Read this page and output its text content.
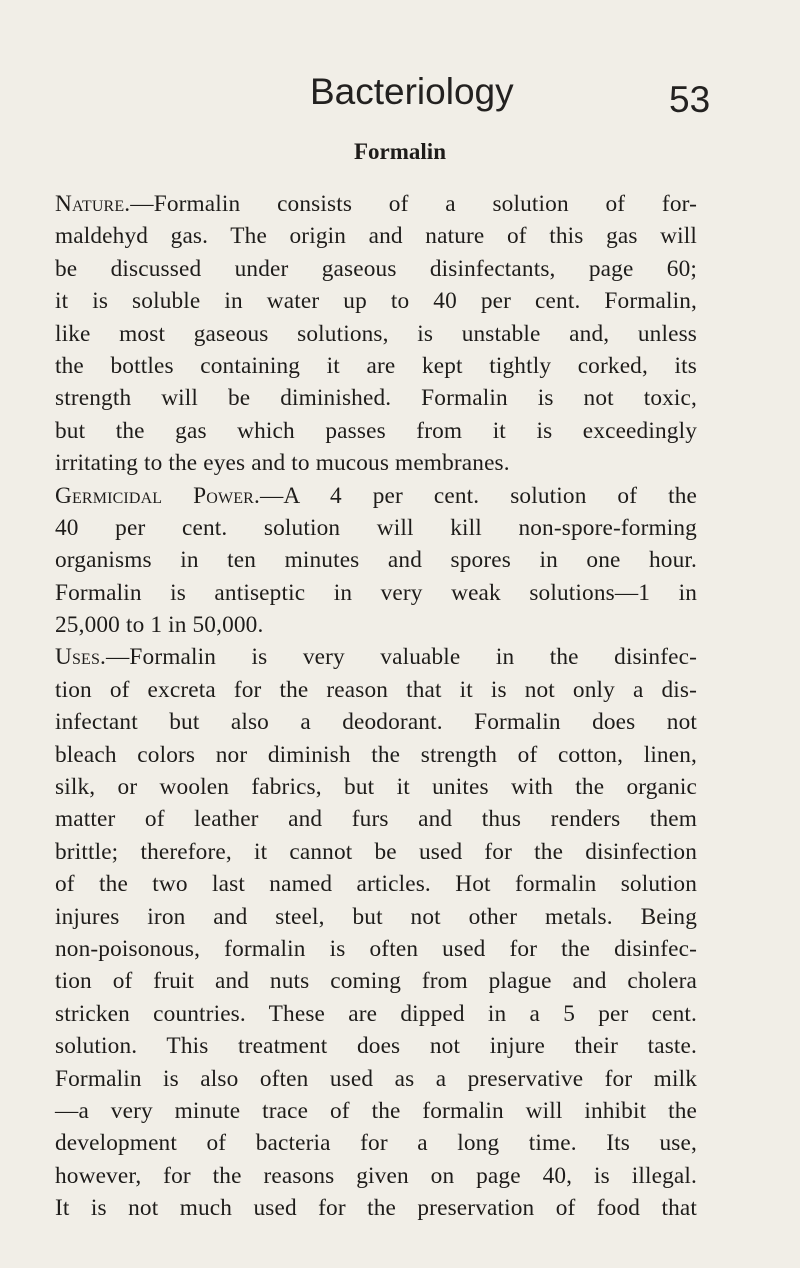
Bacteriology	53
Formalin
Nature.—Formalin consists of a solution of for-
maldehyd gas. The origin and nature of this gas will
be discussed under gaseous disinfectants, page 60;
it is soluble in water up to 40 per cent. Formalin,
like most gaseous solutions, is unstable and, unless
the bottles containing it are kept tightly corked, its
strength will be diminished. Formalin is not toxic,
but the gas which passes from it is exceedingly
irritating to the eyes and to mucous membranes.
Germicidal Power.—A 4 per cent. solution of the
40 per cent. solution will kill non-spore-forming
organisms in ten minutes and spores in one hour.
Formalin is antiseptic in very weak solutions—1 in
25,000 to 1 in 50,000.
Uses.—Formalin is very valuable in the disinfec-
tion of excreta for the reason that it is not only a dis-
infectant but also a deodorant. Formalin does not
bleach colors nor diminish the strength of cotton, linen,
silk, or woolen fabrics, but it unites with the organic
matter of leather and furs and thus renders them
brittle; therefore, it cannot be used for the disinfection
of the two last named articles. Hot formalin solution
injures iron and steel, but not other metals. Being
non-poisonous, formalin is often used for the disinfec-
tion of fruit and nuts coming from plague and cholera
stricken countries. These are dipped in a 5 per cent.
solution. This treatment does not injure their taste.
Formalin is also often used as a preservative for milk
—a very minute trace of the formalin will inhibit the
development of bacteria for a long time. Its use,
however, for the reasons given on page 40, is illegal.
It is not much used for the preservation of food that
